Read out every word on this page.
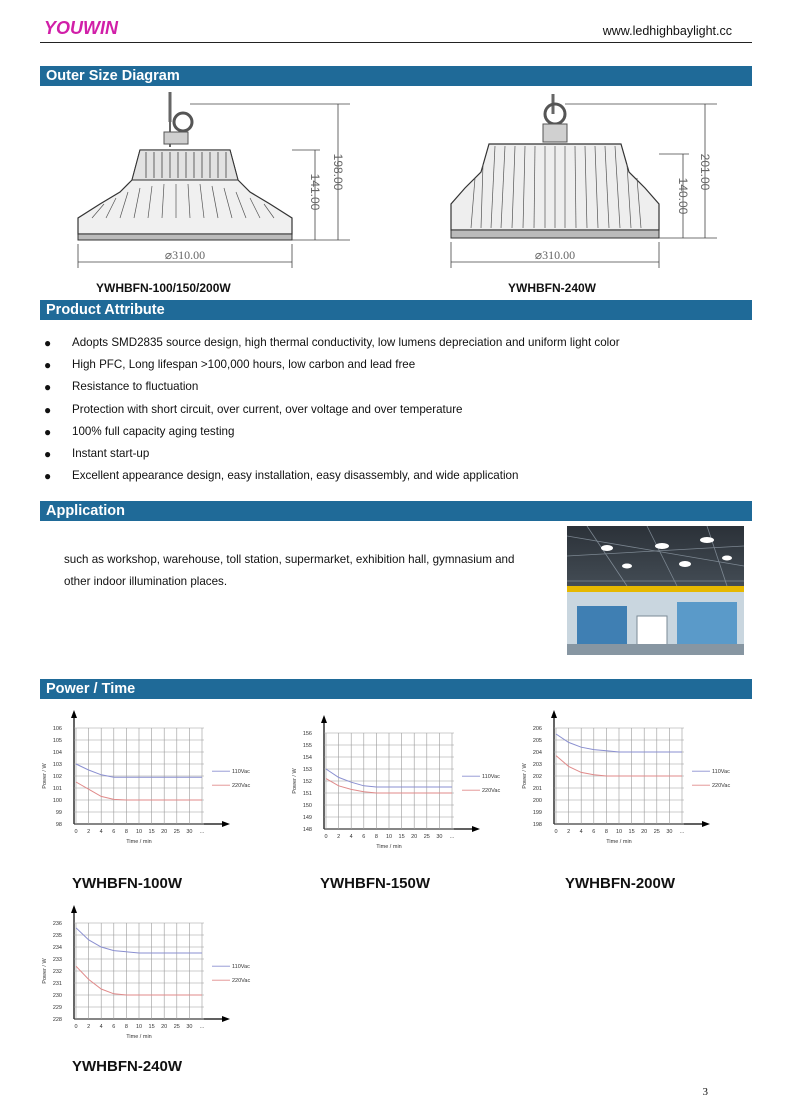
YOUWIN	www.ledhighbaylight.cc
Outer Size Diagram
141.00
198.00
⌀310.00
140.00
201.00
⌀310.00
YWHBFN-100/150/200W	YWHBFN-240W
Product Attribute
●	Adopts SMD2835 source design, high thermal conductivity, low lumens depreciation and uniform light color
●	High PFC, Long lifespan >100,000 hours, low carbon and lead free
●	Resistance to fluctuation
●	Protection with short circuit, over current, over voltage and over temperature
●	100% full capacity aging testing
●	Instant start-up
●	Excellent appearance design, easy installation, easy disassembly, and wide application
Application
such as workshop, warehouse, toll station, supermarket, exhibition hall, gymnasium and
other indoor illumination places.
Power / Time
98
99
100
101
102
103
104
105
106
0 2 4 6 8 10 15 20 25 30 ...
Time / min
Power / W	110Vac
220Vac
148
149
150
151
152
153
154
155
156
0 2 4 6 8 10 15 20 25 30 ...
Time / min
Power / W	110Vac
220Vac
198
199
200
201
202
203
204
205
206
0 2 4 6 8 10 15 20 25 30 ...
Time / min
Power / W	110Vac
220Vac
228
229
230
231
232
233
234
235
236
0 2 4 6 8 10 15 20 25 30 ...
Time / min
Power / W	110Vac
220Vac
YWHBFN-100W	YWHBFN-150W	YWHBFN-200W
YWHBFN-240W
3
